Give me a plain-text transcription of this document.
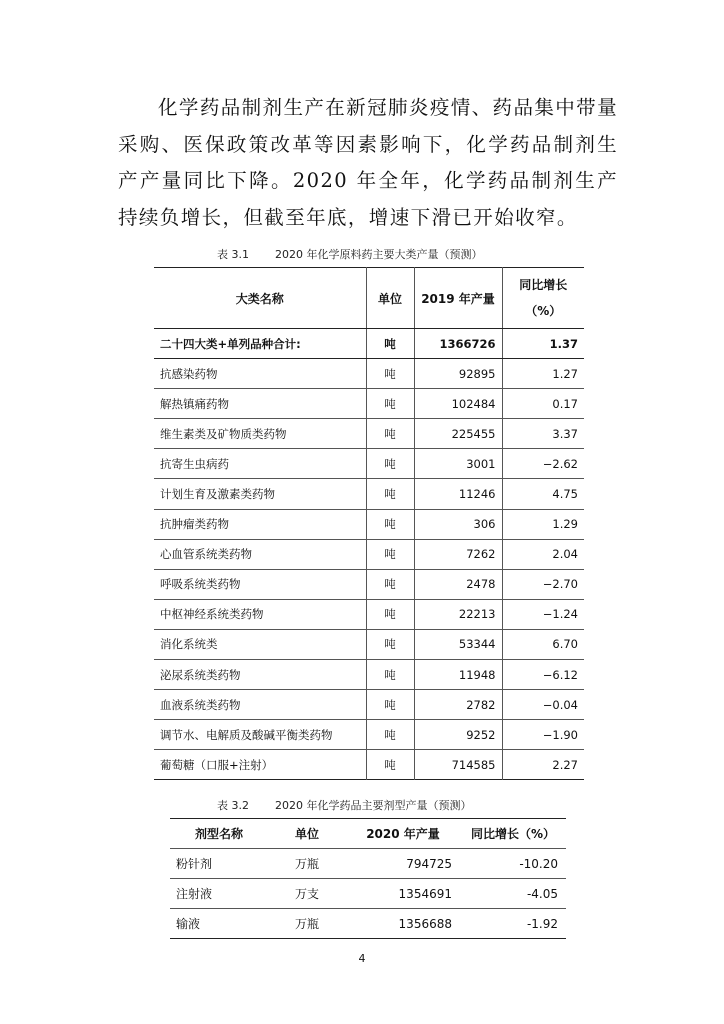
化学药品制剂生产在新冠肺炎疫情、药品集中带量采购、医保政策改革等因素影响下，化学药品制剂生产产量同比下降。2020 年全年，化学药品制剂生产持续负增长，但截至年底，增速下滑已开始收窄。

表 3.1 2020 年化学原料药主要大类产量（预测）
大类名称	单位	2019 年产量	同比增长
（%）

二十四大类+单列品种合计:	吨	1366726	1.37
抗感染药物	吨	92895	1.27
解热镇痛药物	吨	102484	0.17
维生素类及矿物质类药物	吨	225455	3.37
抗寄生虫病药	吨	3001	−2.62
计划生育及激素类药物	吨	11246	4.75
抗肿瘤类药物	吨	306	1.29
心血管系统类药物	吨	7262	2.04
呼吸系统类药物	吨	2478	−2.70
中枢神经系统类药物	吨	22213	−1.24
消化系统类	吨	53344	6.70
泌尿系统类药物	吨	11948	−6.12
血液系统类药物	吨	2782	−0.04
调节水、电解质及酸碱平衡类药物	吨	9252	−1.90
葡萄糖（口服+注射）	吨	714585	2.27
表 3.2 2020 年化学药品主要剂型产量（预测）
剂型名称	单位	2020 年产量	同比增长（%）
粉针剂	万瓶	794725	-10.20
注射液	万支	1354691	-4.05
输液	万瓶	1356688	-1.92
4
